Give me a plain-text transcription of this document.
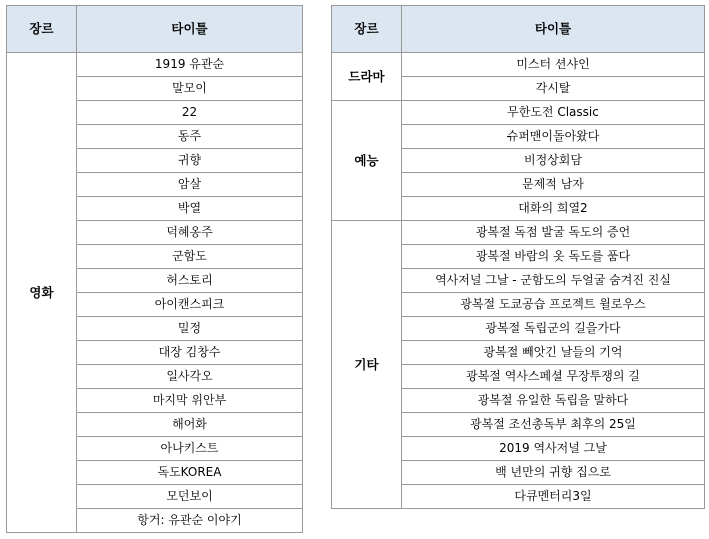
장르	타이틀
영화	1919 유관순
	말모이
	22
	동주
	귀향
	암살
	박열
	덕혜옹주
	군함도
	허스토리
	아이캔스피크
	밀정
	대장 김창수
	일사각오
	마지막 위안부
	해어화
	아나키스트
	독도KOREA
	모던보이
	항거: 유관순 이야기
장르	타이틀
드라마	미스터 션샤인
	각시탈
예능	무한도전 Classic
	슈퍼맨이돌아왔다
	비정상회담
	문제적 남자
	대화의 희열2
기타	광복절 독점 발굴 독도의 증언
	광복절 바람의 옷 독도를 품다
	역사저널 그날 - 군함도의 두얼굴 숨겨진 진실
	광복절 도쿄공습 프로젝트 윌로우스
	광복절 독립군의 길을가다
	광복절 빼앗긴 날들의 기억
	광복절 역사스페셜 무장투쟁의 길
	광복절 유일한 독립을 말하다
	광복절 조선총독부 최후의 25일
	2019 역사저널 그날
	백 년만의 귀향 집으로
	다큐멘터리3일
